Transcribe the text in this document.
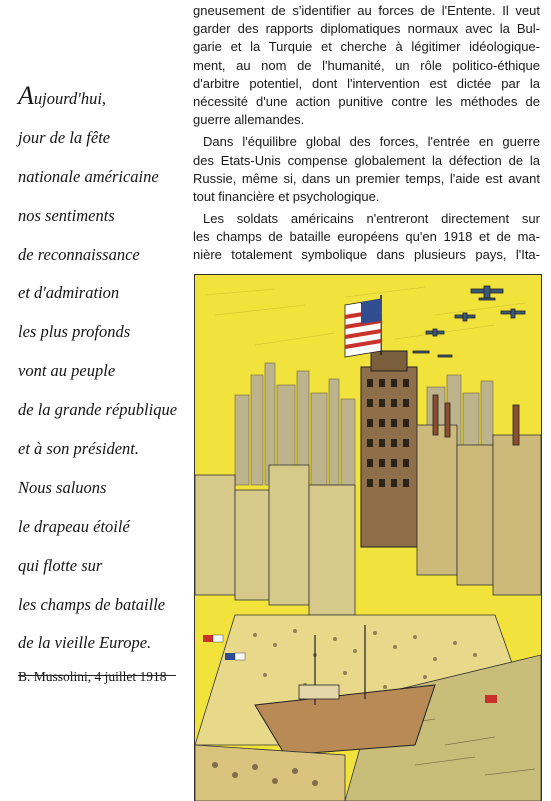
Aujourd'hui,
jour de la fête
nationale américaine
nos sentiments
de reconnaissance
et d'admiration
les plus profonds
vont au peuple
de la grande république
et à son président.
Nous saluons
le drapeau étoilé
qui flotte sur
les champs de bataille
de la vieille Europe.
B. Mussolini, 4 juillet 1918
gneusement de s'identifier au forces de l'Entente. Il veut
garder des rapports diplomatiques normaux avec la Bul-
garie et la Turquie et cherche à légitimer idéologique-
ment, au nom de l'humanité, un rôle politico-éthique
d'arbitre potentiel, dont l'intervention est dictée par la
nécessité d'une action punitive contre les méthodes de
guerre allemandes.
Dans l'équilibre global des forces, l'entrée en guerre
des Etats-Unis compense globalement la défection de la
Russie, même si, dans un premier temps, l'aide est avant
tout financière et psychologique.
Les soldats américains n'entreront directement sur
les champs de bataille européens qu'en 1918 et de ma-
nière totalement symbolique dans plusieurs pays, l'Ita-
